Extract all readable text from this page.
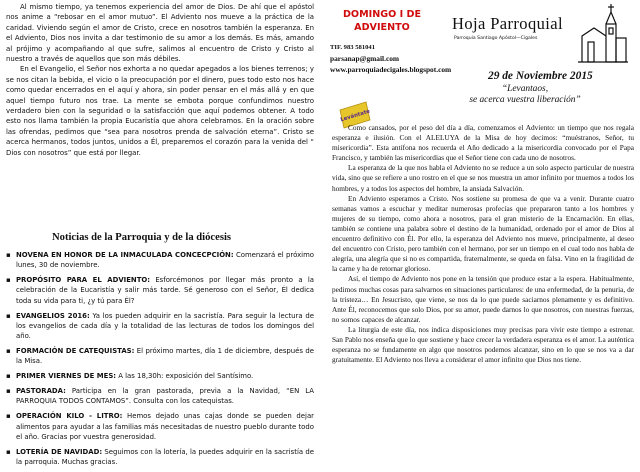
Al mismo tiempo, ya tenemos experiencia del amor de Dios. De ahí que el apóstol nos anime a “rebosar en el amor mutuo”. El Adviento nos mueve a la práctica de la caridad. Viviendo según el amor de Cristo, crece en nosotros también la esperanza. En el Adviento, Dios nos invita a dar testimonio de su amor a los demás. Es más, amando al prójimo y acompañando al que sufre, salimos al encuentro de Cristo y Cristo al nuestro a través de aquellos que son más débiles.

En el Evangelio, el Señor nos exhorta a no quedar apegados a los bienes terrenos; y se nos citan la bebida, el vicio o la preocupación por el dinero, pues todo esto nos hace como quedar encerrados en el aquí y ahora, sin poder pensar en el más allá y en que aquel tiempo futuro nos trae. La mente se embota porque confundimos nuestro verdadero bien con la seguridad o la satisfacción que aquí podemos obtener. A todo esto nos llama también la propia Eucaristía que ahora celebramos. En la oración sobre las ofrendas, pedimos que “sea para nosotros prenda de salvación eterna”. Cristo se acerca hermanos, todos juntos, unidos a Él, preparemos el corazón para la venida del “ Dios con nosotros” que está por llegar.

Noticias de la Parroquia y de la diócesis
▪ NOVENA EN HONOR DE LA INMACULADA CONCECPCIÓN: Comenzará el próximo lunes, 30 de noviembre.
▪ PROPÓSITO PARA EL ADVIENTO: Esforcémonos por llegar más pronto a la celebración de la Eucaristía y salir más tarde. Sé generoso con el Señor, Él dedica toda su vida para ti, ¿y tú para Él?
▪ EVANGELIOS 2016: Ya los pueden adquirir en la sacristía. Para seguir la lectura de los evangelios de cada día y la totalidad de las lecturas de todos los domingos del año.
▪ FORMACIÓN DE CATEQUISTAS: El próximo martes, día 1 de diciembre, después de la Misa.
▪ PRIMER VIERNES DE MES: A las 18,30h: exposición del Santísimo.
▪ PASTORADA: Participa en la gran pastorada, previa a la Navidad, “EN LA PARROQUIA TODOS CONTAMOS”. Consulta con los catequistas.
▪ OPERACIÓN KILO - LITRO: Hemos dejado unas cajas donde se pueden dejar alimentos para ayudar a las familias más necesitadas de nuestro pueblo durante todo el año. Gracias por vuestra generosidad.
▪ LOTERÍA DE NAVIDAD: Seguimos con la lotería, la puedes adquirir en la sacristía de la parroquia. Muchas gracias.
DOMINGO I DE
ADVIENTO
TIF. 983 581041
parsanap@gmail.com
www.parroquiadecigales.blogspot.com
Hoja Parroquial
Parroquia Santiago Apóstol—Cigales
29 de Noviembre 2015
“Levantaos,
se acerca vuestra liberación”
Levántate

Como cansados, por el peso del día a día, comenzamos el Adviento: un tiempo que nos regala esperanza e ilusión. Con el ALELUYA de la Misa de hoy decimos: “muéstranos, Señor, tu misericordia”. Esta antífona nos recuerda el Año dedicado a la misericordia convocado por el Papa Francisco, y también las misericordias que el Señor tiene con cada uno de nosotros.

La esperanza de la que nos habla el Adviento no se reduce a un solo aspecto particular de nuestra vida, sino que se refiere a uno rostro en el que se nos muestra un amor infinito por tnuemos a todos los hombres, y a todos los aspectos del hombre, la ansiada Salvación.

En Adviento esperamos a Cristo. Nos sostiene su promesa de que va a venir. Durante cuatro semanas vamos a escuchar y meditar numerosas profecías que prepararon tanto a los hombres y mujeres de su tiempo, como ahora a nosotros, para el gran misterio de la Encarnación. En ellas, también se contiene una palabra sobre el destino de la humanidad, ordenado por el amor de Dios al encuentro definitivo con Él. Por ello, la esperanza del Adviento nos mueve, principalmente, al deseo del encuentro con Cristo, pero también con el hermano, por ser un tiempo en el cual todo nos habla de alegría, una alegría que si no es compartida, fraternalmente, se queda en falsa. Vino en la fragilidad de la carne y ha de retornar glorioso.

Así, el tiempo de Adviento nos pone en la tensión que produce estar a la espera. Habitualmente, pedimos muchas cosas para salvarnos en situaciones particulares: de una enfermedad, de la penuria, de la tristeza… En Jesucristo, que viene, se nos da lo que puede saciarnos plenamente y es definitivo. Ante Él, reconocemos que solo Dios, por su amor, puede darnos lo que nosotros, con nuestras fuerzas, no somos capaces de alcanzar.

La liturgia de este día, nos indica disposiciones muy precisas para vivir este tiempo a estrenar. San Pablo nos enseña que lo que sostiene y hace crecer la verdadera esperanza es el amor. La auténtica esperanza no se fundamente en algo que nosotros podemos alcanzar, sino en lo que se nos va a dar gratuitamente. El Adviento nos lleva a considerar el amor infinito que Dios nos tiene.
